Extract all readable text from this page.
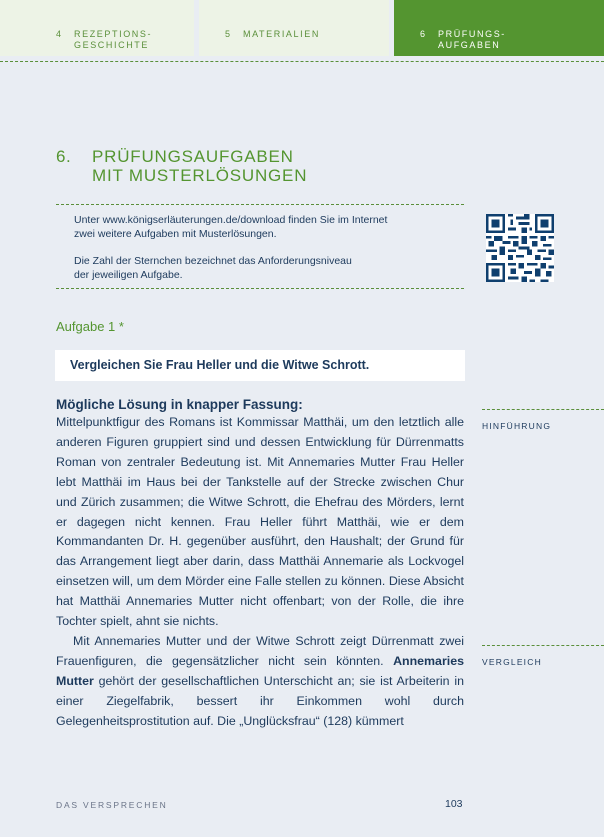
4 REZEPTIONS-
GESCHICHTE
5 MATERIALIEN	6 PRÜFUNGS-
AUFGABEN
6. PRÜFUNGSAUFGABEN
MIT MUSTERLÖSUNGEN
Unter www.königserläuterungen.de/download finden Sie im Internet
zwei weitere Aufgaben mit Musterlösungen.
Die Zahl der Sternchen bezeichnet das Anforderungsniveau
der jeweiligen Aufgabe.
Aufgabe 1 *
Vergleichen Sie Frau Heller und die Witwe Schrott.
Mögliche Lösung in knapper Fassung:

Mittelpunktfigur des Romans ist Kommissar Matthäi, um den letztlich alle anderen Figuren gruppiert sind und dessen Entwicklung für Dürrenmatts Roman von zentraler Bedeutung ist. Mit Annemaries Mutter Frau Heller lebt Matthäi im Haus bei der Tankstelle auf der Strecke zwischen Chur und Zürich zusammen; die Witwe Schrott, die Ehefrau des Mörders, lernt er dagegen nicht kennen. Frau Heller führt Matthäi, wie er dem Kommandanten Dr. H. gegenüber ausführt, den Haushalt; der Grund für das Arrangement liegt aber darin, dass Matthäi Annemarie als Lockvogel einsetzen will, um dem Mörder eine Falle stellen zu können. Diese Absicht hat Matthäi Annemaries Mutter nicht offenbart; von der Rolle, die ihre Tochter spielt, ahnt sie nichts.

Mit Annemaries Mutter und der Witwe Schrott zeigt Dürrenmatt zwei Frauenfiguren, die gegensätzlicher nicht sein könnten. Annemaries Mutter gehört der gesellschaftlichen Unterschicht an; sie ist Arbeiterin in einer Ziegelfabrik, bessert ihr Einkommen wohl durch Gelegenheitsprostitution auf. Die „Unglücksfrau“ (128) kümmert

HINFÜHRUNG
VERGLEICH
DAS VERSPRECHEN	103
